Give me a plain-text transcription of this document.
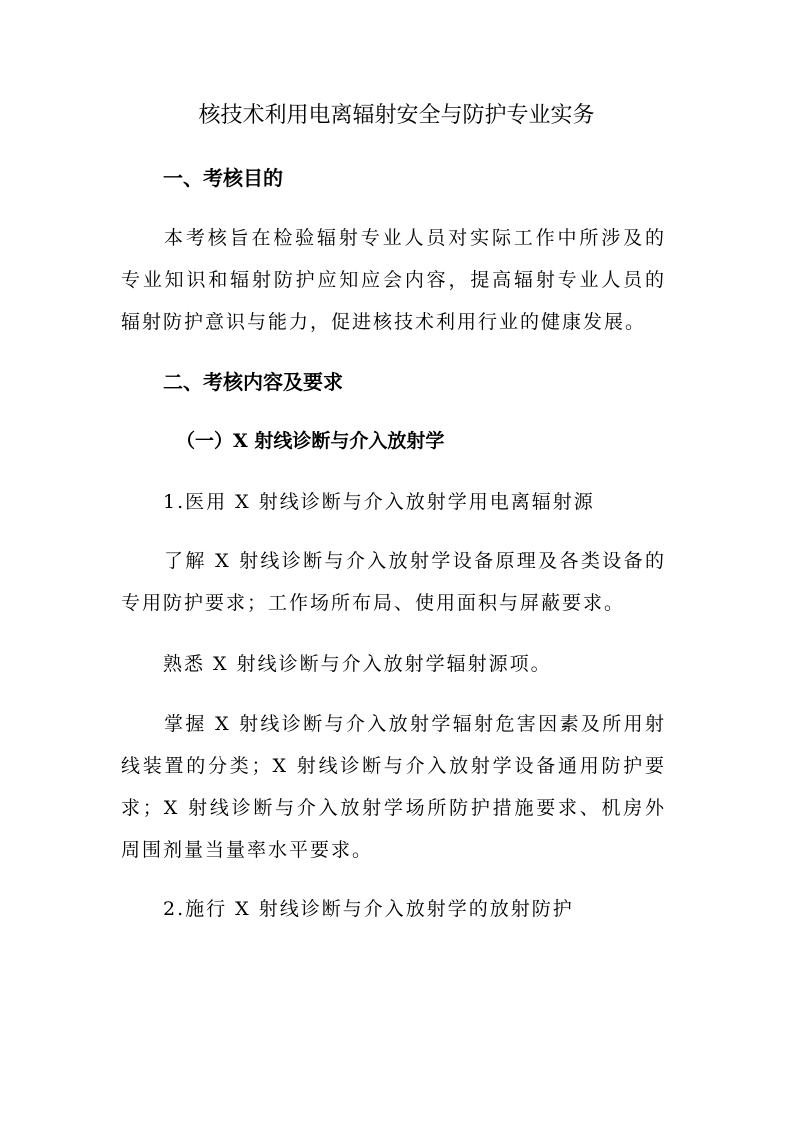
核技术利用电离辐射安全与防护专业实务
一、考核目的
本考核旨在检验辐射专业人员对实际工作中所涉及的专业知识和辐射防护应知应会内容，提高辐射专业人员的辐射防护意识与能力，促进核技术利用行业的健康发展。
二、考核内容及要求
（一）X 射线诊断与介入放射学
1.医用 X 射线诊断与介入放射学用电离辐射源
了解 X 射线诊断与介入放射学设备原理及各类设备的专用防护要求；工作场所布局、使用面积与屏蔽要求。
熟悉 X 射线诊断与介入放射学辐射源项。
掌握 X 射线诊断与介入放射学辐射危害因素及所用射线装置的分类；X 射线诊断与介入放射学设备通用防护要求；X 射线诊断与介入放射学场所防护措施要求、机房外周围剂量当量率水平要求。
2.施行 X 射线诊断与介入放射学的放射防护
